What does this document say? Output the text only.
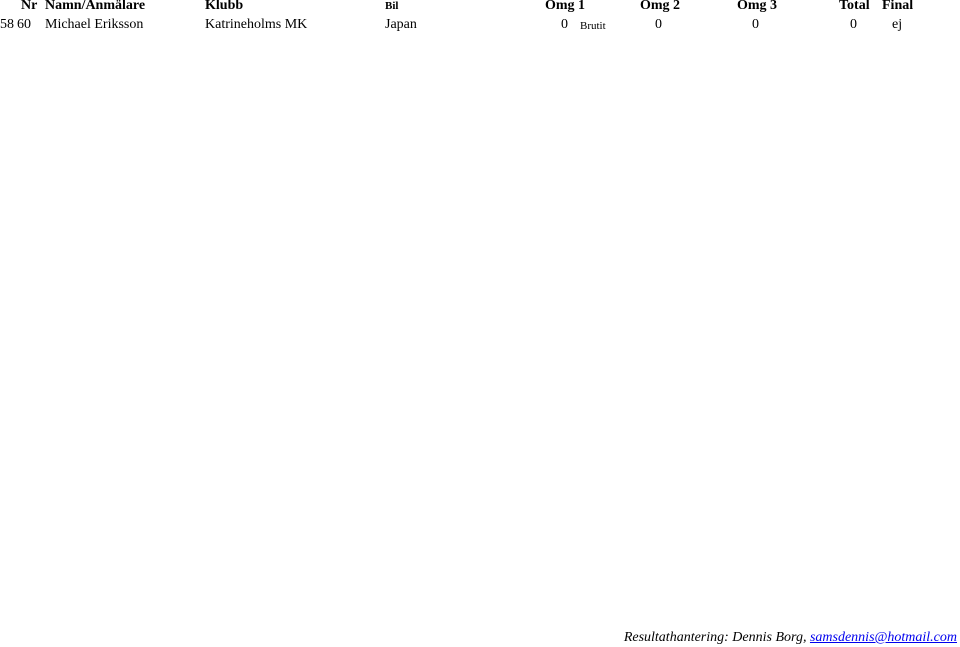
Nr Namn/Anmälare	Klubb	Bil	Omg 1	Omg 2	Omg 3	Total Final
58 60 Michael Eriksson	Katrineholms MK	Japan	0 Brutit	0	0	0	ej
Resultathantering: Dennis Borg, samsdennis@hotmail.com
